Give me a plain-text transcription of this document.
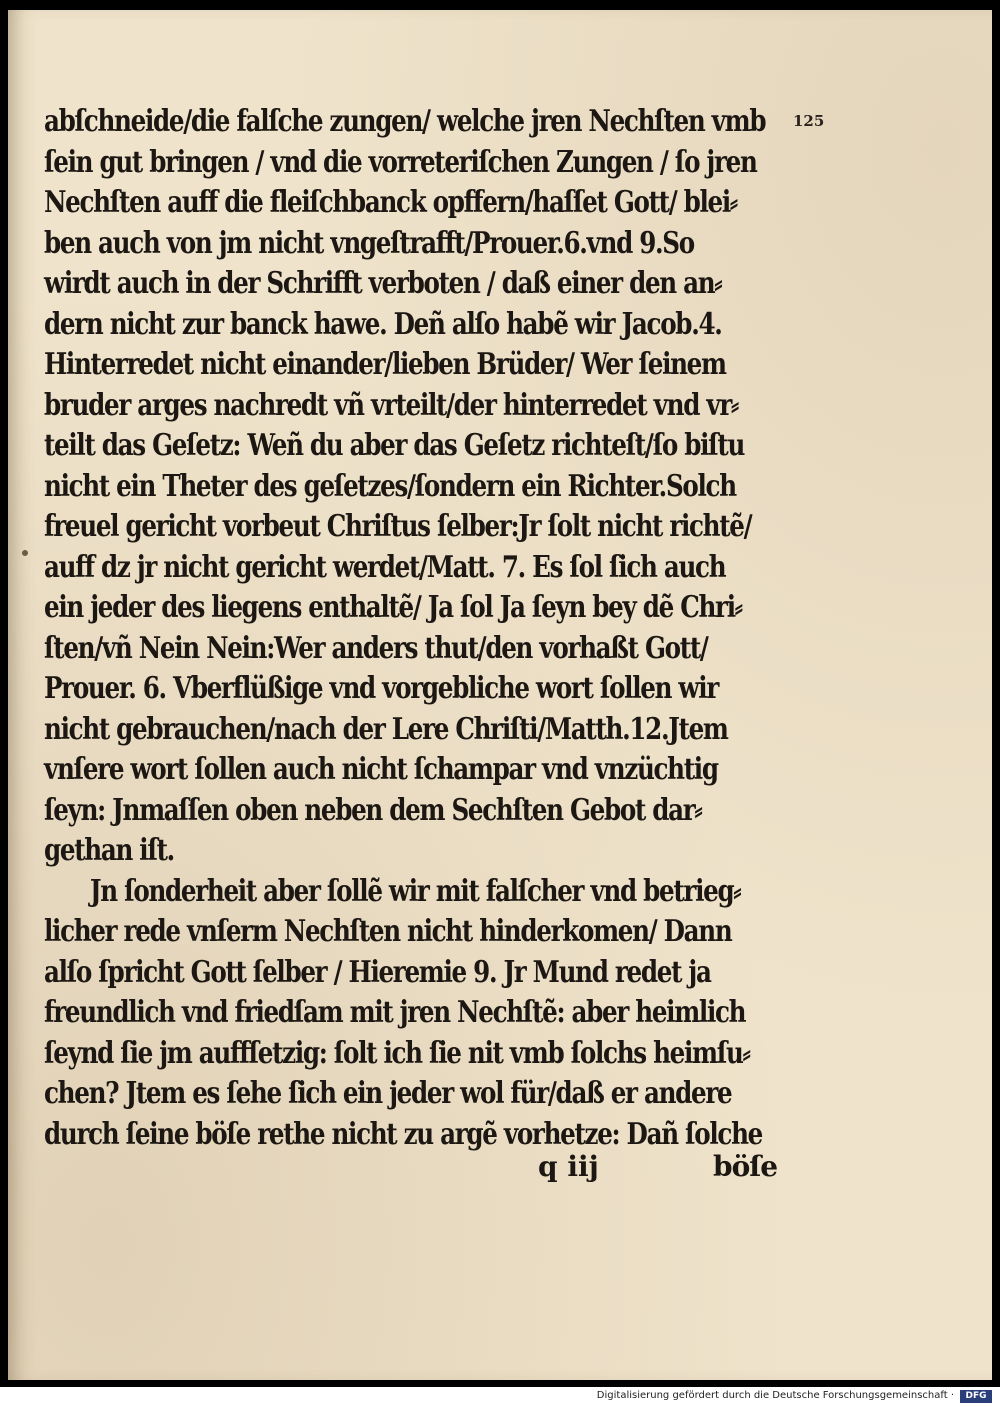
125
abſchneide/die falſche zungen/ welche jren Nechſten vmb
ſein gut bringen / vnd die vorreteriſchen Zungen / ſo jren
Nechſten auff die fleiſchbanck opffern/haſſet Gott/ blei⸗
ben auch von jm nicht vngeſtrafft/Prouer.6.vnd 9.So
wirdt auch in der Schrifft verboten / daß einer den an⸗
dern nicht zur banck hawe. Deñ alſo habẽ wir Jacob.4.
Hinterredet nicht einander/lieben Brüder/ Wer ſeinem
bruder arges nachredt vñ vrteilt/der hinterredet vnd vr⸗
teilt das Geſetz: Weñ du aber das Geſetz richteſt/ſo biſtu
nicht ein Theter des geſetzes/ſondern ein Richter.Solch
freuel gericht vorbeut Chriſtus ſelber:Jr ſolt nicht richtẽ/
auff dz jr nicht gericht werdet/Matt. 7. Es ſol ſich auch
ein jeder des liegens enthaltẽ/ Ja ſol Ja ſeyn bey dẽ Chri⸗
ſten/vñ Nein Nein:Wer anders thut/den vorhaßt Gott/
Prouer. 6. Vberflüßige vnd vorgebliche wort ſollen wir
nicht gebrauchen/nach der Lere Chriſti/Matth.12.Jtem
vnſere wort ſollen auch nicht ſchampar vnd vnzüchtig
ſeyn: Jnmaſſen oben neben dem Sechſten Gebot dar⸗
gethan iſt.
Jn ſonderheit aber ſollẽ wir mit falſcher vnd betrieg⸗
licher rede vnſerm Nechſten nicht hinderkomen/ Dann
alſo ſpricht Gott ſelber / Hieremie 9. Jr Mund redet ja
freundlich vnd friedſam mit jren Nechſtẽ: aber heimlich
ſeynd ſie jm auffſetzig: ſolt ich ſie nit vmb ſolchs heimſu⸗
chen? Jtem es ſehe ſich ein jeder wol für/daß er andere
durch ſeine böſe rethe nicht zu argẽ vorhetze: Dañ ſolche
q iij	böſe
Digitalisierung gefördert durch die Deutsche Forschungsgemeinschaft ·	DFG
